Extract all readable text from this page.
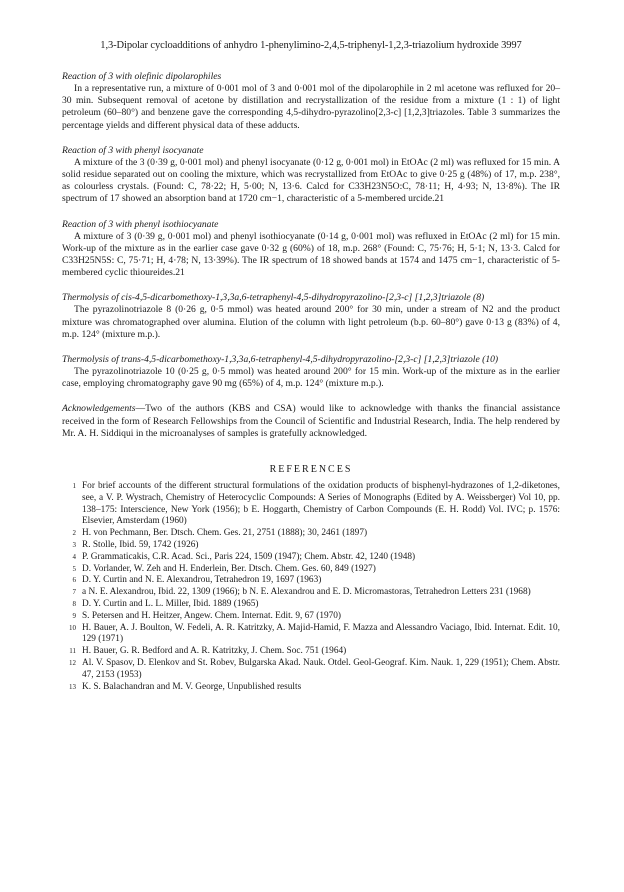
1,3-Dipolar cycloadditions of anhydro 1-phenylimino-2,4,5-triphenyl-1,2,3-triazolium hydroxide 3997
Reaction of 3 with olefinic dipolarophiles
In a representative run, a mixture of 0·001 mol of 3 and 0·001 mol of the dipolarophile in 2 ml acetone was refluxed for 20–30 min. Subsequent removal of acetone by distillation and recrystallization of the residue from a mixture (1 : 1) of light petroleum (60–80°) and benzene gave the corresponding 4,5-dihydro-pyrazolino[2,3-c] [1,2,3]triazoles. Table 3 summarizes the percentage yields and different physical data of these adducts.
Reaction of 3 with phenyl isocyanate
A mixture of the 3 (0·39 g, 0·001 mol) and phenyl isocyanate (0·12 g, 0·001 mol) in EtOAc (2 ml) was refluxed for 15 min. A solid residue separated out on cooling the mixture, which was recrystallized from EtOAc to give 0·25 g (48%) of 17, m.p. 238°, as colourless crystals. (Found: C, 78·22; H, 5·00; N, 13·6. Calcd for C33H23N5O:C, 78·11; H, 4·93; N, 13·8%). The IR spectrum of 17 showed an absorption band at 1720 cm−1, characteristic of a 5-membered urcide.21
Reaction of 3 with phenyl isothiocyanate
A mixture of 3 (0·39 g, 0·001 mol) and phenyl isothiocyanate (0·14 g, 0·001 mol) was refluxed in EtOAc (2 ml) for 15 min. Work-up of the mixture as in the earlier case gave 0·32 g (60%) of 18, m.p. 268° (Found: C, 75·76; H, 5·1; N, 13·3. Calcd for C33H25N5S: C, 75·71; H, 4·78; N, 13·39%). The IR spectrum of 18 showed bands at 1574 and 1475 cm−1, characteristic of 5-membered cyclic thioureides.21
Thermolysis of cis-4,5-dicarbomethoxy-1,3,3a,6-tetraphenyl-4,5-dihydropyrazolino-[2,3-c] [1,2,3]triazole (8)
The pyrazolinotriazole 8 (0·26 g, 0·5 mmol) was heated around 200° for 30 min, under a stream of N2 and the product mixture was chromatographed over alumina. Elution of the column with light petroleum (b.p. 60–80°) gave 0·13 g (83%) of 4, m.p. 124° (mixture m.p.).
Thermolysis of trans-4,5-dicarbomethoxy-1,3,3a,6-tetraphenyl-4,5-dihydropyrazolino-[2,3-c] [1,2,3]triazole (10)
The pyrazolinotriazole 10 (0·25 g, 0·5 mmol) was heated around 200° for 15 min. Work-up of the mixture as in the earlier case, employing chromatography gave 90 mg (65%) of 4, m.p. 124° (mixture m.p.).
Acknowledgements—Two of the authors (KBS and CSA) would like to acknowledge with thanks the financial assistance received in the form of Research Fellowships from the Council of Scientific and Industrial Research, India. The help rendered by Mr. A. H. Siddiqui in the microanalyses of samples is gratefully acknowledged.
REFERENCES
1 For brief accounts of the different structural formulations of the oxidation products of bisphenyl-hydrazones of 1,2-diketones, see, a V. P. Wystrach, Chemistry of Heterocyclic Compounds: A Series of Monographs (Edited by A. Weissberger) Vol 10, pp. 138–175: Interscience, New York (1956); b E. Hoggarth, Chemistry of Carbon Compounds (E. H. Rodd) Vol. IVC; p. 1576: Elsevier, Amsterdam (1960)
2 H. von Pechmann, Ber. Dtsch. Chem. Ges. 21, 2751 (1888); 30, 2461 (1897)
3 R. Stolle, Ibid. 59, 1742 (1926)
4 P. Grammaticakis, C.R. Acad. Sci., Paris 224, 1509 (1947); Chem. Abstr. 42, 1240 (1948)
5 D. Vorlander, W. Zeh and H. Enderlein, Ber. Dtsch. Chem. Ges. 60, 849 (1927)
6 D. Y. Curtin and N. E. Alexandrou, Tetrahedron 19, 1697 (1963)
7 a N. E. Alexandrou, Ibid. 22, 1309 (1966); b N. E. Alexandrou and E. D. Micromastoras, Tetrahedron Letters 231 (1968)
8 D. Y. Curtin and L. L. Miller, Ibid. 1889 (1965)
9 S. Petersen and H. Heitzer, Angew. Chem. Internat. Edit. 9, 67 (1970)
10 H. Bauer, A. J. Boulton, W. Fedeli, A. R. Katritzky, A. Majid-Hamid, F. Mazza and Alessandro Vaciago, Ibid. Internat. Edit. 10, 129 (1971)
11 H. Bauer, G. R. Bedford and A. R. Katritzky, J. Chem. Soc. 751 (1964)
12 Al. V. Spasov, D. Elenkov and St. Robev, Bulgarska Akad. Nauk. Otdel. Geol-Geograf. Kim. Nauk. 1, 229 (1951); Chem. Abstr. 47, 2153 (1953)
13 K. S. Balachandran and M. V. George, Unpublished results
